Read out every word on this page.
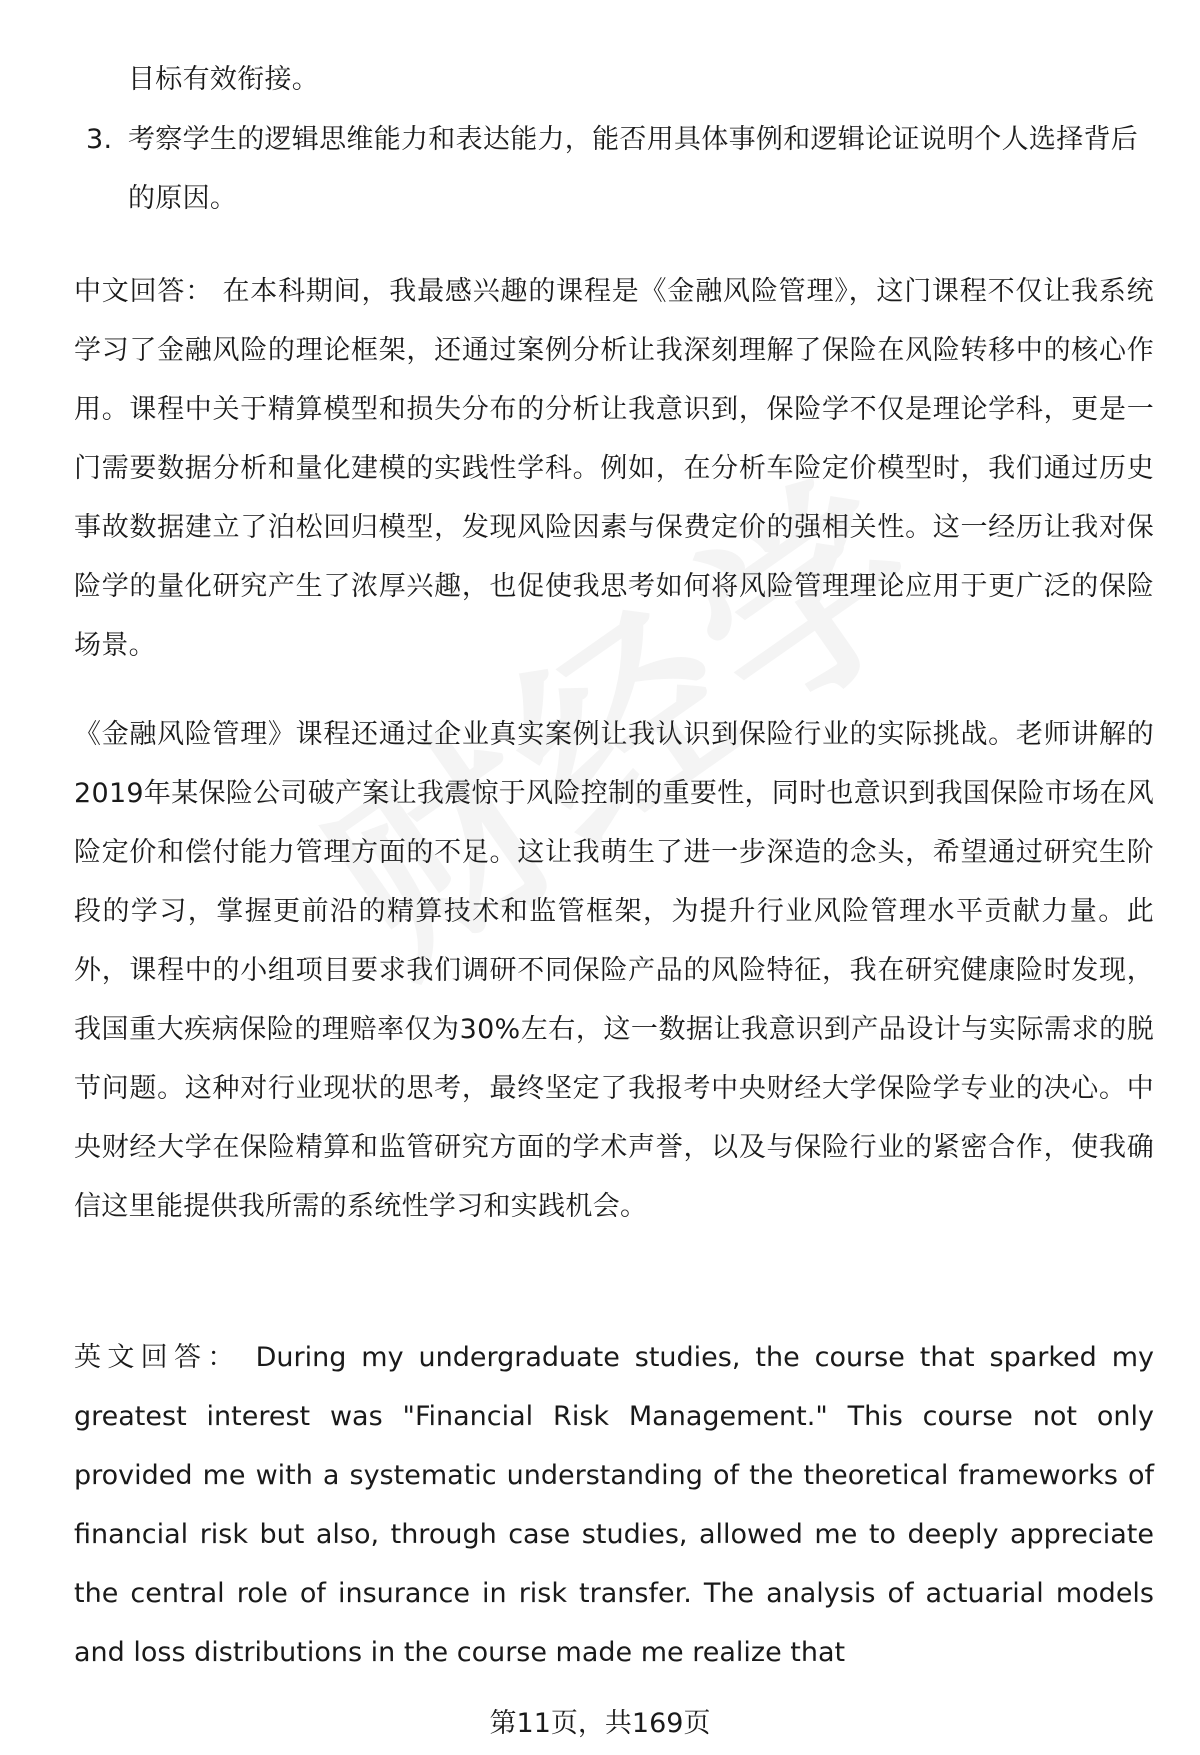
目标有效衔接。

3. 考察学生的逻辑思维能力和表达能力，能否用具体事例和逻辑论证说明个人选择背后的原因。

中文回答： 在本科期间，我最感兴趣的课程是《金融风险管理》，这门课程不仅让我系统学习了金融风险的理论框架，还通过案例分析让我深刻理解了保险在风险转移中的核心作用。课程中关于精算模型和损失分布的分析让我意识到，保险学不仅是理论学科，更是一门需要数据分析和量化建模的实践性学科。例如，在分析车险定价模型时，我们通过历史事故数据建立了泊松回归模型，发现风险因素与保费定价的强相关性。这一经历让我对保险学的量化研究产生了浓厚兴趣，也促使我思考如何将风险管理理论应用于更广泛的保险场景。

《金融风险管理》课程还通过企业真实案例让我认识到保险行业的实际挑战。老师讲解的2019年某保险公司破产案让我震惊于风险控制的重要性，同时也意识到我国保险市场在风险定价和偿付能力管理方面的不足。这让我萌生了进一步深造的念头，希望通过研究生阶段的学习，掌握更前沿的精算技术和监管框架，为提升行业风险管理水平贡献力量。此外，课程中的小组项目要求我们调研不同保险产品的风险特征，我在研究健康险时发现，我国重大疾病保险的理赔率仅为30%左右，这一数据让我意识到产品设计与实际需求的脱节问题。这种对行业现状的思考，最终坚定了我报考中央财经大学保险学专业的决心。中央财经大学在保险精算和监管研究方面的学术声誉，以及与保险行业的紧密合作，使我确信这里能提供我所需的系统性学习和实践机会。

英文回答： During my undergraduate studies, the course that sparked my greatest interest was "Financial Risk Management." This course not only provided me with a systematic understanding of the theoretical frameworks of financial risk but also, through case studies, allowed me to deeply appreciate the central role of insurance in risk transfer. The analysis of actuarial models and loss distributions in the course made me realize that

第11页，共169页
